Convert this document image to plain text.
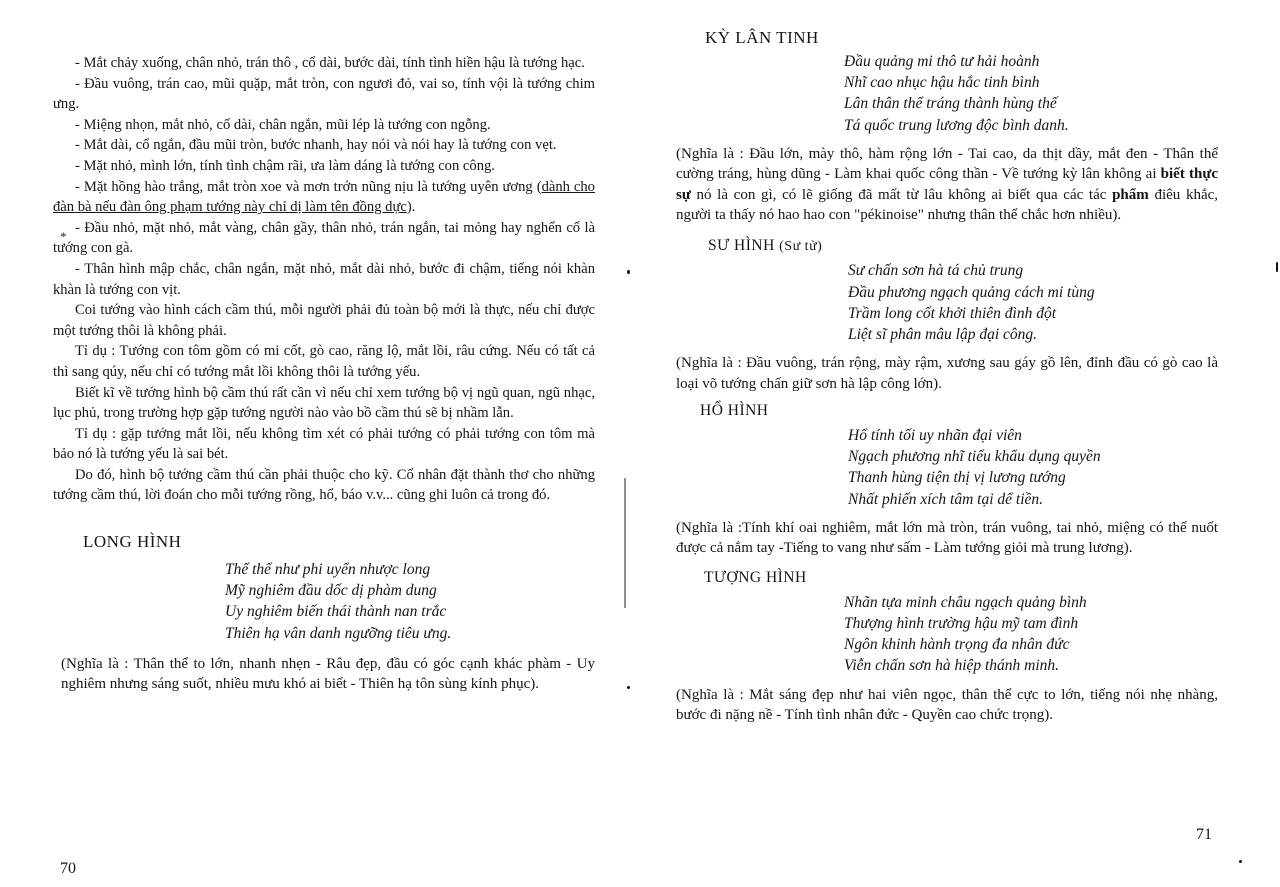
- Mắt chảy xuống, chân nhỏ, trán thô , cổ dài, bước dài, tính tình hiền hậu là tướng hạc.

- Đầu vuông, trán cao, mũi quặp, mắt tròn, con ngươi đỏ, vai so, tính vội là tướng chim ưng.

- Miệng nhọn, mắt nhỏ, cổ dài, chân ngắn, mũi lép là tướng con ngỗng.

- Mắt dài, cổ ngắn, đầu mũi tròn, bước nhanh, hay nói và nói hay là tướng con vẹt.

- Mặt nhỏ, mình lớn, tính tình chậm rãi, ưa làm dáng là tướng con công.

- Mặt hồng hào trắng, mắt tròn xoe và mơn trớn nũng nịu là tướng uyên ương (dành cho đàn bà nếu đàn ông phạm tướng này chỉ dị làm tên đồng dực).

- Đầu nhỏ, mặt nhỏ, mắt vàng, chân gầy, thân nhỏ, trán ngắn, tai mỏng hay nghển cổ là tướng con gà.

- Thân hình mập chắc, chân ngắn, mặt nhỏ, mắt dài nhỏ, bước đi chậm, tiếng nói khàn khàn là tướng con vịt.

Coi tướng vào hình cách cầm thú, mỗi người phải đủ toàn bộ mới là thực, nếu chỉ được một tướng thôi là không phải.

Tỉ dụ : Tướng con tôm gồm có mi cốt, gò cao, răng lộ, mắt lồi, râu cứng. Nếu có tất cả thì sang qúy, nếu chỉ có tướng mắt lồi không thôi là tướng yếu.

Biết kĩ về tướng hình bộ cầm thú rất cần vì nếu chỉ xem tướng bộ vị ngũ quan, ngũ nhạc, lục phủ, trong trường hợp gặp tướng người nào vào bồ cầm thú sẽ bị nhầm lẫn.

Tỉ dụ : gặp tướng mắt lồi, nếu không tìm xét có phải tướng có phải tướng con tôm mà bảo nó là tướng yếu là sai bét.

Do đó, hình bộ tướng cầm thú cần phải thuộc cho kỹ. Cổ nhân đặt thành thơ cho những tướng cầm thú, lời đoán cho mỗi tướng rồng, hổ, báo v.v... cũng ghi luôn cả trong đó.

LONG HÌNH
Thể thể như phi uyển nhược long
Mỹ nghiêm đầu dốc dị phàm dung
Uy nghiêm biến thái thành nan trắc
Thiên hạ vân danh ngưỡng tiêu ưng.

(Nghĩa là : Thân thể to lớn, nhanh nhẹn - Râu đẹp, đầu có góc cạnh khác phàm - Uy nghiêm nhưng sáng suốt, nhiều mưu khó ai biết - Thiên hạ tôn sùng kính phục).

*
70
KỲ LÂN TINH
Đầu quảng mi thô tư hải hoành
Nhĩ cao nhục hậu hắc tinh bình
Lân thân thể tráng thành hùng thế
Tá quốc trung lương độc bình danh.

(Nghĩa là : Đầu lớn, mày thô, hàm rộng lớn - Tai cao, da thịt dầy, mắt đen - Thân thể cường tráng, hùng dũng - Làm khai quốc công thần - Về tướng kỳ lân không ai biết thực sự nó là con gì, có lẽ giống đã mất từ lâu không ai biết qua các tác phẩm điêu khắc, người ta thấy nó hao hao con "pékinoise" nhưng thân thể chắc hơn nhiều).

SƯ HÌNH (Sư tử)
Sư chấn sơn hà tá chủ trung
Đầu phương ngạch quảng cách mi tùng
Trầm long cốt khởi thiên đình đột
Liệt sĩ phân mâu lập đại công.

(Nghĩa là : Đầu vuông, trán rộng, mày rậm, xương sau gáy gồ lên, đỉnh đầu có gò cao là loại võ tướng chấn giữ sơn hà lập công lớn).

HỔ HÌNH
Hổ tính tối uy nhãn đại viên
Ngạch phương nhĩ tiểu khẩu dụng quyền
Thanh hùng tiện thị vị lương tướng
Nhất phiến xích tâm tại dể tiền.

(Nghĩa là :Tính khí oai nghiêm, mắt lớn mà tròn, trán vuông, tai nhỏ, miệng có thể nuốt được cả nắm tay -Tiếng to vang như sấm - Làm tướng giỏi mà trung lương).

TƯỢNG HÌNH
Nhãn tựa minh châu ngạch quảng bình
Thượng hình trường hậu mỹ tam đình
Ngôn khinh hành trọng đa nhân đức
Viễn chấn sơn hà hiệp thánh minh.

(Nghĩa là : Mắt sáng đẹp như hai viên ngọc, thân thể cực to lớn, tiếng nói nhẹ nhàng, bước đi nặng nề - Tính tình nhân đức - Quyền cao chức trọng).

71
